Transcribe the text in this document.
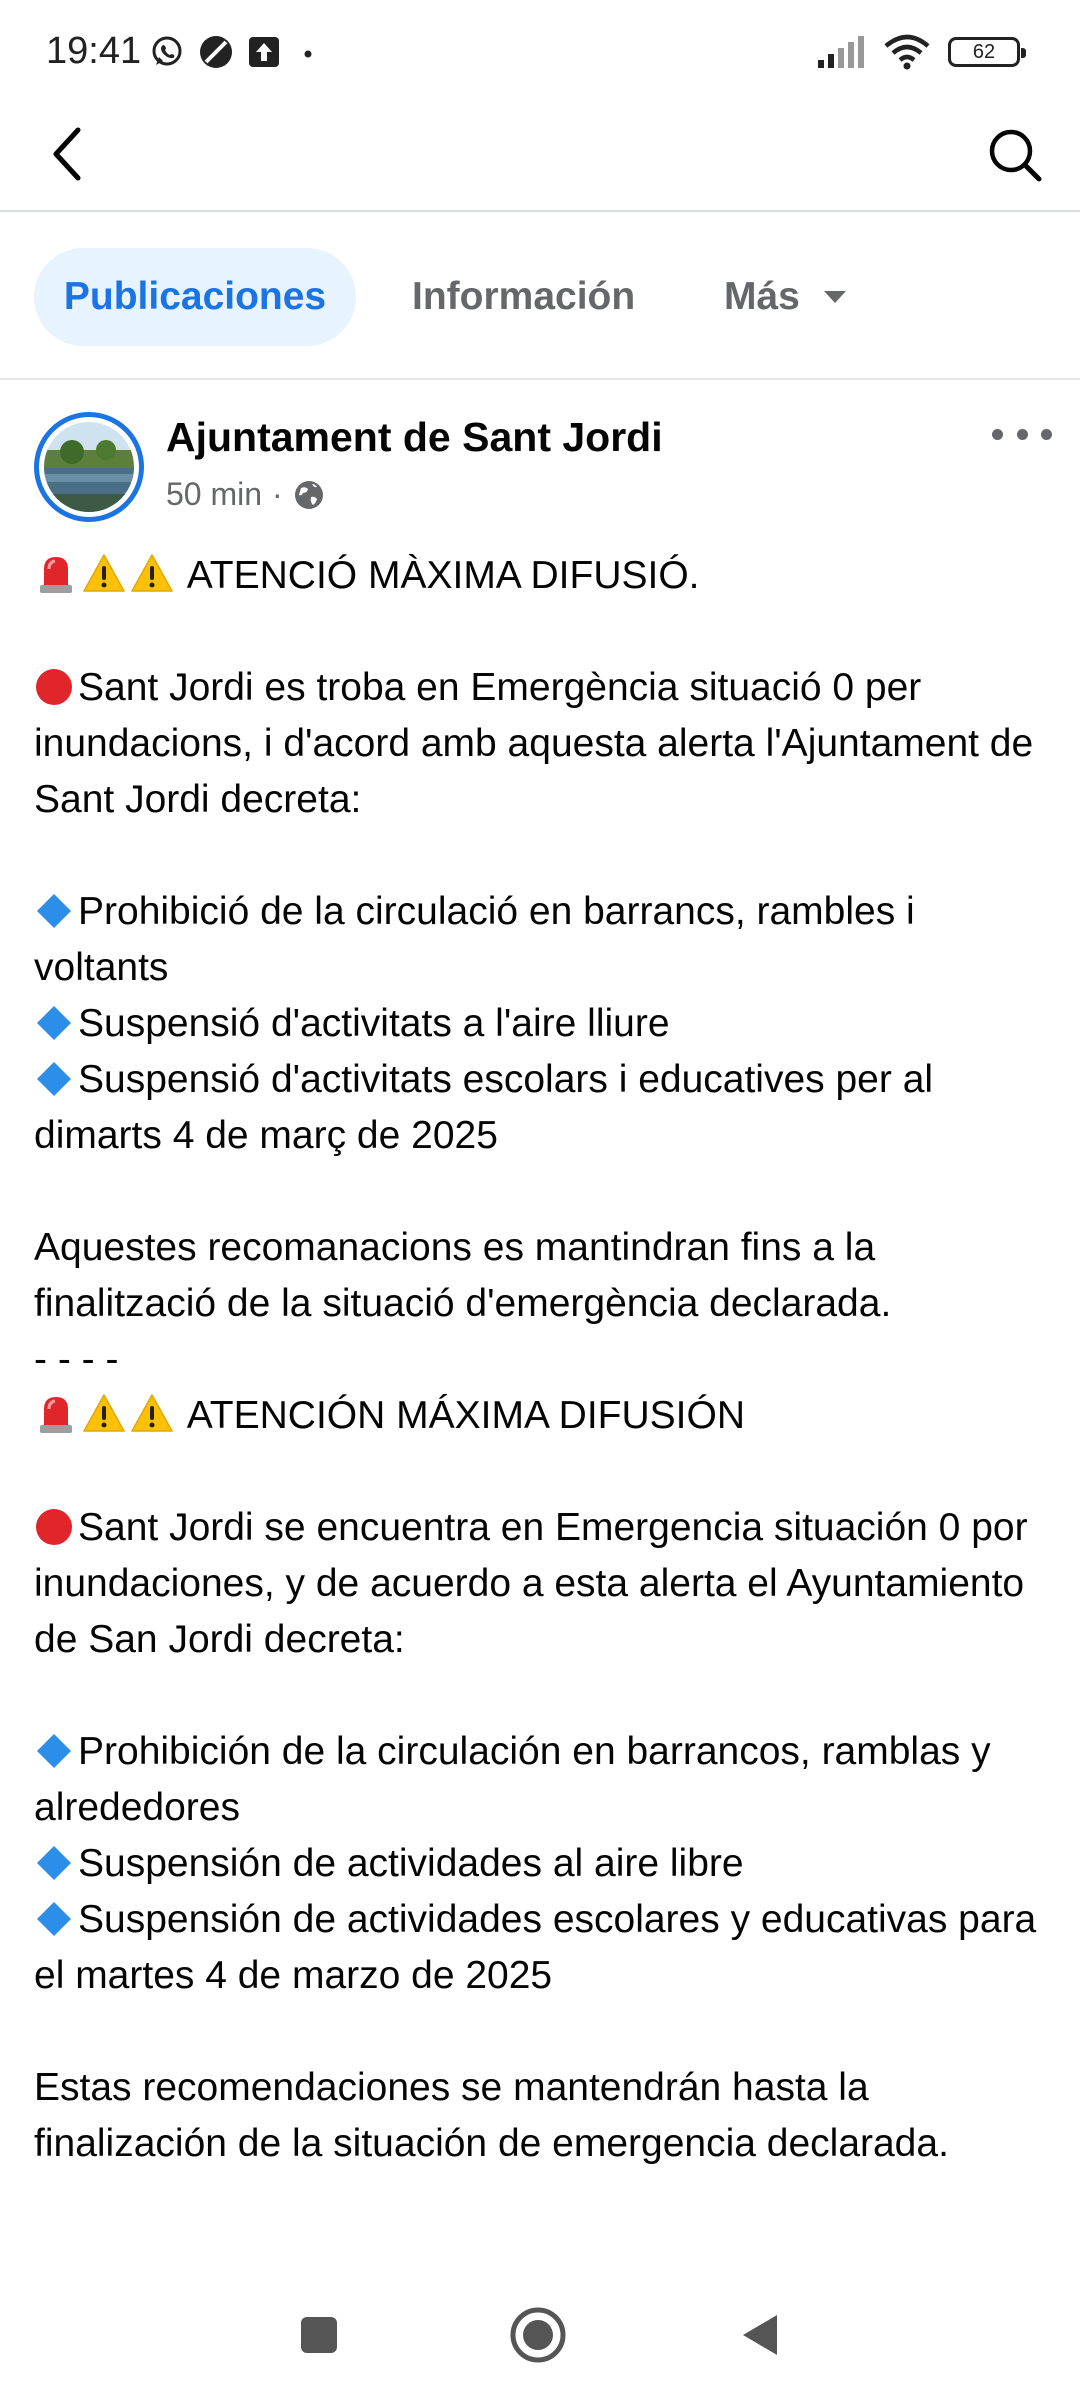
19:41	62
Publicaciones Información Más
Ajuntament de Sant Jordi
50 min ·

ATENCIÓ MÀXIMA DIFUSIÓ.

Sant Jordi es troba en Emergència situació 0 per inundacions, i d'acord amb aquesta alerta l'Ajuntament de Sant Jordi decreta:

Prohibició de la circulació en barrancs, rambles i voltants

Suspensió d'activitats a l'aire lliure

Suspensió d'activitats escolars i educatives per al dimarts 4 de març de 2025

Aquestes recomanacions es mantindran fins a la finalització de la situació d'emergència declarada.

- - - -

ATENCIÓN MÁXIMA DIFUSIÓN

Sant Jordi se encuentra en Emergencia situación 0 por inundaciones, y de acuerdo a esta alerta el Ayuntamiento de San Jordi decreta:

Prohibición de la circulación en barrancos, ramblas y alrededores

Suspensión de actividades al aire libre

Suspensión de actividades escolares y educativas para el martes 4 de marzo de 2025

Estas recomendaciones se mantendrán hasta la finalización de la situación de emergencia declarada.
